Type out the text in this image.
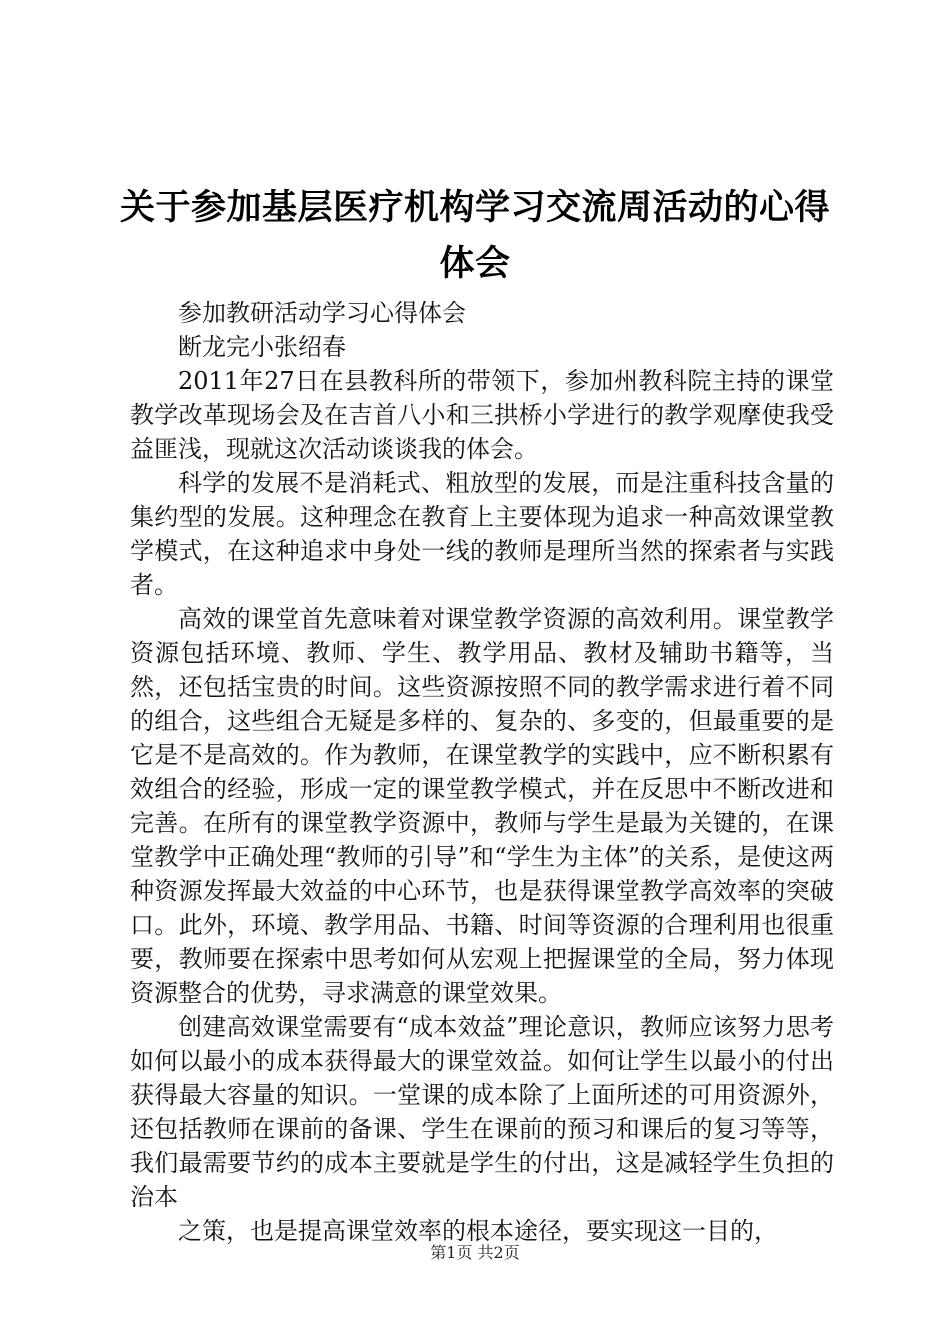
关于参加基层医疗机构学习交流周活动的心得体会

参加教研活动学习心得体会

断龙完小张绍春

2011年27日在县教科所的带领下，参加州教科院主持的课堂教学改革现场会及在吉首八小和三拱桥小学进行的教学观摩使我受益匪浅，现就这次活动谈谈我的体会。

科学的发展不是消耗式、粗放型的发展，而是注重科技含量的集约型的发展。这种理念在教育上主要体现为追求一种高效课堂教学模式，在这种追求中身处一线的教师是理所当然的探索者与实践者。

高效的课堂首先意味着对课堂教学资源的高效利用。课堂教学资源包括环境、教师、学生、教学用品、教材及辅助书籍等，当然，还包括宝贵的时间。这些资源按照不同的教学需求进行着不同的组合，这些组合无疑是多样的、复杂的、多变的，但最重要的是它是不是高效的。作为教师，在课堂教学的实践中，应不断积累有效组合的经验，形成一定的课堂教学模式，并在反思中不断改进和完善。在所有的课堂教学资源中，教师与学生是最为关键的，在课堂教学中正确处理“教师的引导”和“学生为主体”的关系，是使这两种资源发挥最大效益的中心环节，也是获得课堂教学高效率的突破口。此外，环境、教学用品、书籍、时间等资源的合理利用也很重要，教师要在探索中思考如何从宏观上把握课堂的全局，努力体现资源整合的优势，寻求满意的课堂效果。

创建高效课堂需要有“成本效益”理论意识，教师应该努力思考如何以最小的成本获得最大的课堂效益。如何让学生以最小的付出获得最大容量的知识。一堂课的成本除了上面所述的可用资源外，还包括教师在课前的备课、学生在课前的预习和课后的复习等等，我们最需要节约的成本主要就是学生的付出，这是减轻学生负担的治本

之策，也是提高课堂效率的根本途径，要实现这一目的，

第1页 共2页
